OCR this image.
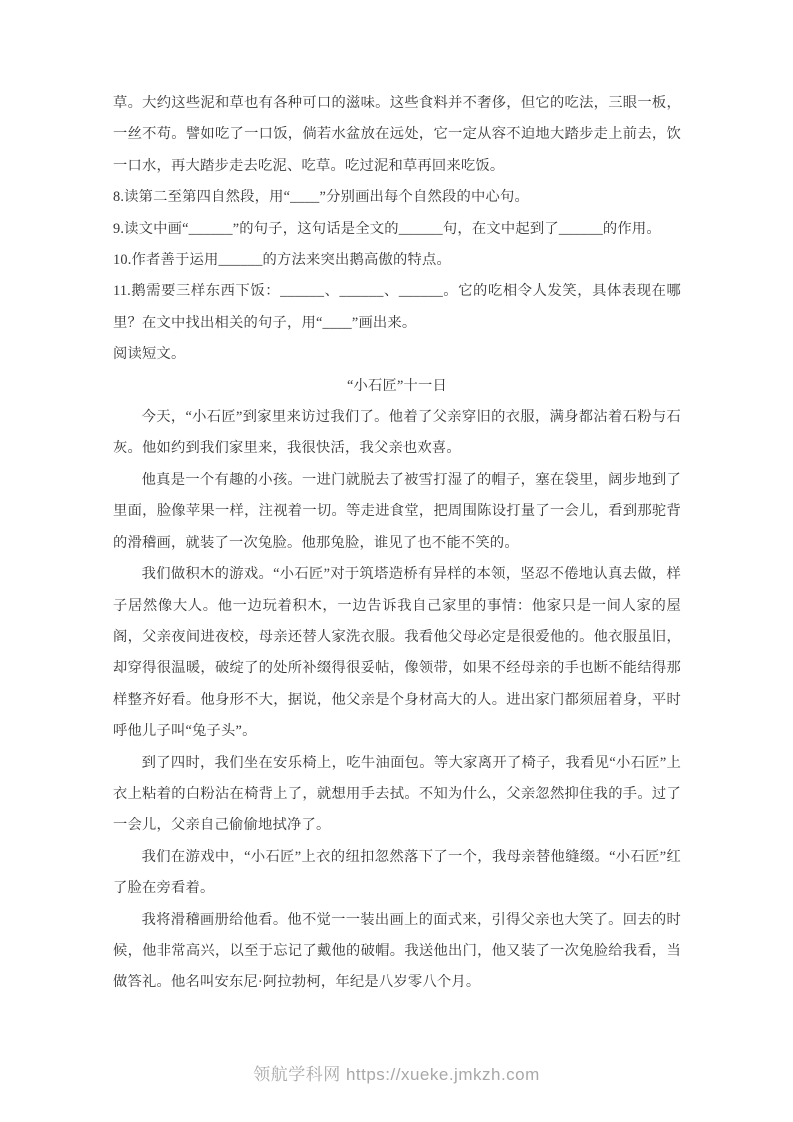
草。大约这些泥和草也有各种可口的滋味。这些食料并不奢侈，但它的吃法，三眼一板，一丝不苟。譬如吃了一口饭，倘若水盆放在远处，它一定从容不迫地大踏步走上前去，饮一口水，再大踏步走去吃泥、吃草。吃过泥和草再回来吃饭。

8.读第二至第四自然段，用“____”分别画出每个自然段的中心句。

9.读文中画“______”的句子，这句话是全文的______句，在文中起到了______的作用。

10.作者善于运用______的方法来突出鹅高傲的特点。

11.鹅需要三样东西下饭：______、______、______。它的吃相令人发笑，具体表现在哪里？在文中找出相关的句子，用“____”画出来。

阅读短文。

“小石匠”十一日

今天，“小石匠”到家里来访过我们了。他着了父亲穿旧的衣服，满身都沾着石粉与石灰。他如约到我们家里来，我很快活，我父亲也欢喜。

他真是一个有趣的小孩。一进门就脱去了被雪打湿了的帽子，塞在袋里，阔步地到了里面，脸像苹果一样，注视着一切。等走进食堂，把周围陈设打量了一会儿，看到那驼背的滑稽画，就装了一次兔脸。他那兔脸，谁见了也不能不笑的。

我们做积木的游戏。“小石匠”对于筑塔造桥有异样的本领，坚忍不倦地认真去做，样子居然像大人。他一边玩着积木，一边告诉我自己家里的事情：他家只是一间人家的屋阁，父亲夜间进夜校，母亲还替人家洗衣服。我看他父母必定是很爱他的。他衣服虽旧，却穿得很温暖，破绽了的处所补缀得很妥帖，像领带，如果不经母亲的手也断不能结得那样整齐好看。他身形不大，据说，他父亲是个身材高大的人。进出家门都须屈着身，平时呼他儿子叫“兔子头”。

到了四时，我们坐在安乐椅上，吃牛油面包。等大家离开了椅子，我看见“小石匠”上衣上粘着的白粉沾在椅背上了，就想用手去拭。不知为什么，父亲忽然抑住我的手。过了一会儿，父亲自己偷偷地拭净了。

我们在游戏中，“小石匠”上衣的纽扣忽然落下了一个，我母亲替他缝缀。“小石匠”红了脸在旁看着。

我将滑稽画册给他看。他不觉一一装出画上的面式来，引得父亲也大笑了。回去的时候，他非常高兴，以至于忘记了戴他的破帽。我送他出门，他又装了一次兔脸给我看，当做答礼。他名叫安东尼·阿拉勃柯，年纪是八岁零八个月。

领航学科网 https://xueke.jmkzh.com
